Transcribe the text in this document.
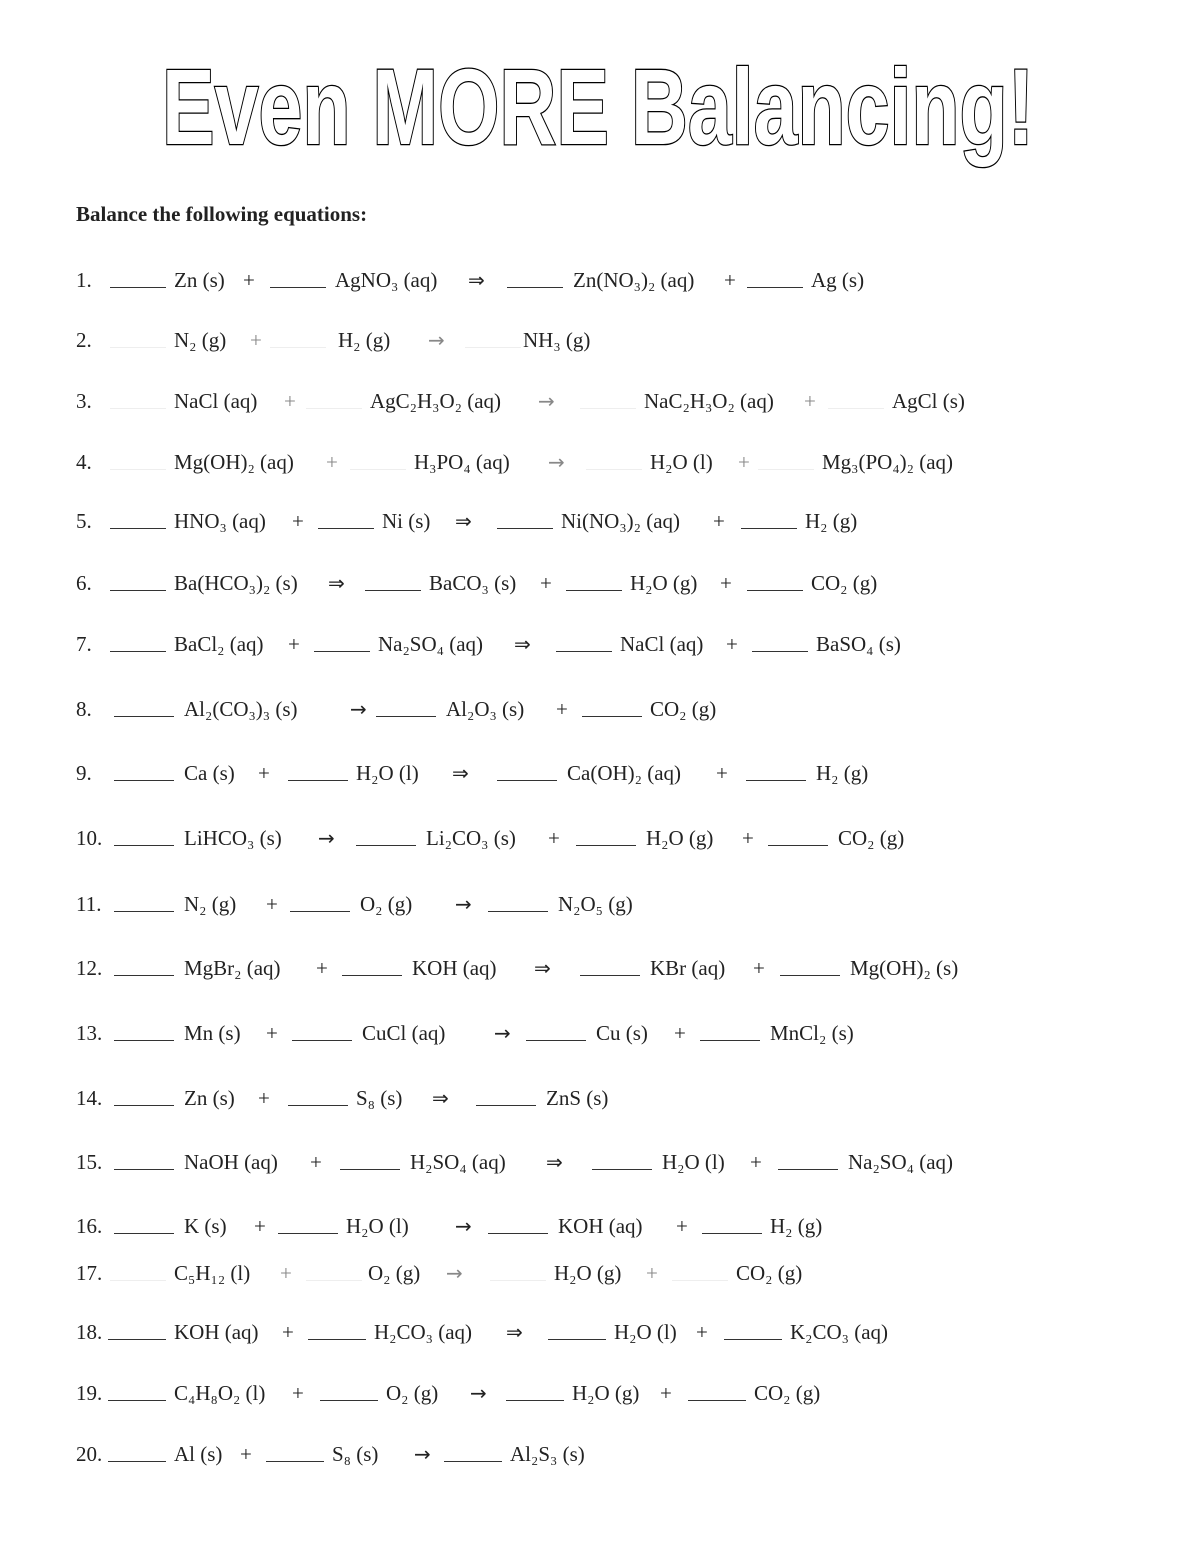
Even MORE Balancing!
Balance the following equations:
1.	Zn (s) +	AgNO₃ (aq) ⇒	Zn(NO₃)₂ (aq) +	Ag (s)
2.	N₂ (g) +	H₂ (g) →	NH₃ (g)
3.	NaCl (aq) +	AgC₂H₃O₂ (aq) →	NaC₂H₃O₂ (aq) +	AgCl (s)
4.	Mg(OH)₂ (aq) +	H₃PO₄ (aq) →	H₂O (l) +	Mg₃(PO₄)₂ (aq)
5.	HNO₃ (aq) +	Ni (s) ⇒	Ni(NO₃)₂ (aq) +	H₂ (g)
6.	Ba(HCO₃)₂ (s) ⇒	BaCO₃ (s) +	H₂O (g) +	CO₂ (g)
7.	BaCl₂ (aq) +	Na₂SO₄ (aq) ⇒	NaCl (aq) +	BaSO₄ (s)
8.	Al₂(CO₃)₃ (s)	→	Al₂O₃ (s) +	CO₂ (g)
9.	Ca (s) +	H₂O (l) ⇒	Ca(OH)₂ (aq) +	H₂ (g)
10.	LiHCO₃ (s) →	Li₂CO₃ (s) +	H₂O (g) +	CO₂ (g)
11.	N₂ (g) +	O₂ (g) →	N₂O₅ (g)
12.	MgBr₂ (aq) +	KOH (aq) ⇒	KBr (aq) +	Mg(OH)₂ (s)
13.	Mn (s) +	CuCl (aq) →	Cu (s) +	MnCl₂ (s)
14.	Zn (s) +	S₈ (s) ⇒	ZnS (s)
15.	NaOH (aq) +	H₂SO₄ (aq) ⇒	H₂O (l) +	Na₂SO₄ (aq)
16.	K (s) +	H₂O (l) →	KOH (aq) +	H₂ (g)
17.	C₅H₁₂ (l) +	O₂ (g) →	H₂O (g) +	CO₂ (g)
18.	KOH (aq) +	H₂CO₃ (aq) ⇒	H₂O (l) +	K₂CO₃ (aq)
19.	C₄H₈O₂ (l) +	O₂ (g) →	H₂O (g) +	CO₂ (g)
20.	Al (s) +	S₈ (s) →	Al₂S₃ (s)
